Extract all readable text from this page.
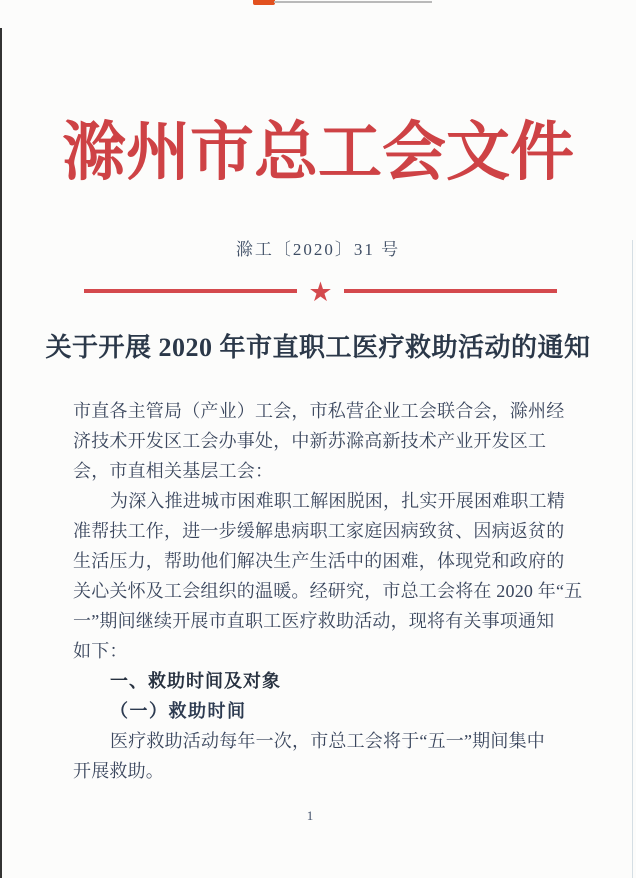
滁州市总工会文件
滁工〔2020〕31 号
★
关于开展 2020 年市直职工医疗救助活动的通知
市直各主管局（产业）工会，市私营企业工会联合会，滁州经
济技术开发区工会办事处，中新苏滁高新技术产业开发区工
会，市直相关基层工会：
为深入推进城市困难职工解困脱困，扎实开展困难职工精
准帮扶工作，进一步缓解患病职工家庭因病致贫、因病返贫的
生活压力，帮助他们解决生产生活中的困难，体现党和政府的
关心关怀及工会组织的温暖。经研究，市总工会将在 2020 年“五
一”期间继续开展市直职工医疗救助活动，现将有关事项通知
如下：
一、救助时间及对象
（一）救助时间
医疗救助活动每年一次，市总工会将于“五一”期间集中
开展救助。
1
